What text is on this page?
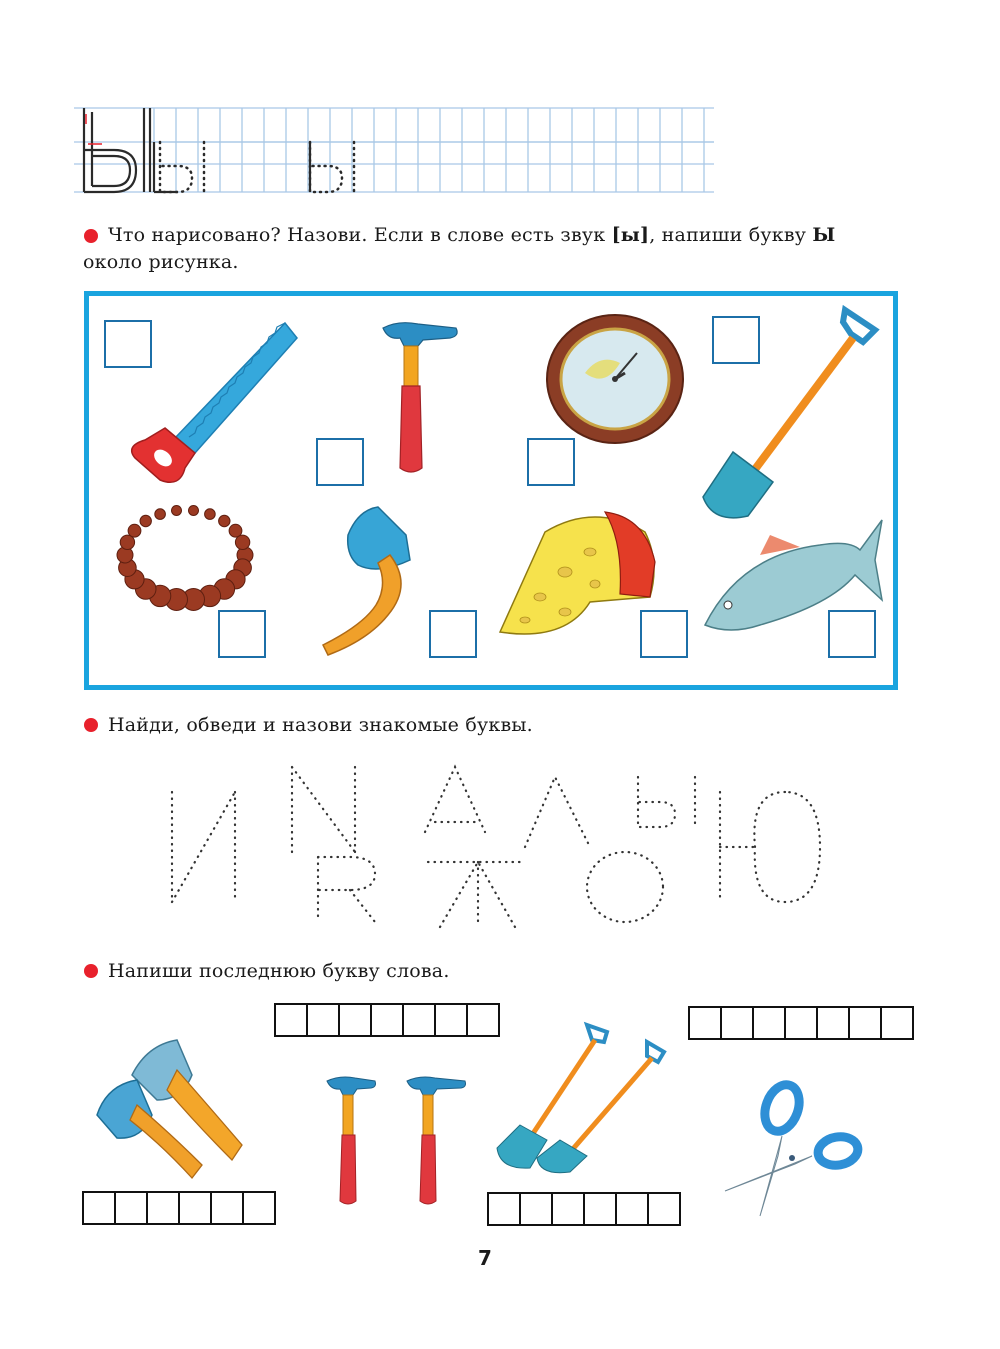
Что нарисовано? Назови. Если в слове есть звук [ы], напиши букву Ы
около рисунка.
Найди, обведи и назови знакомые буквы.
Напиши последнюю букву слова.
7
